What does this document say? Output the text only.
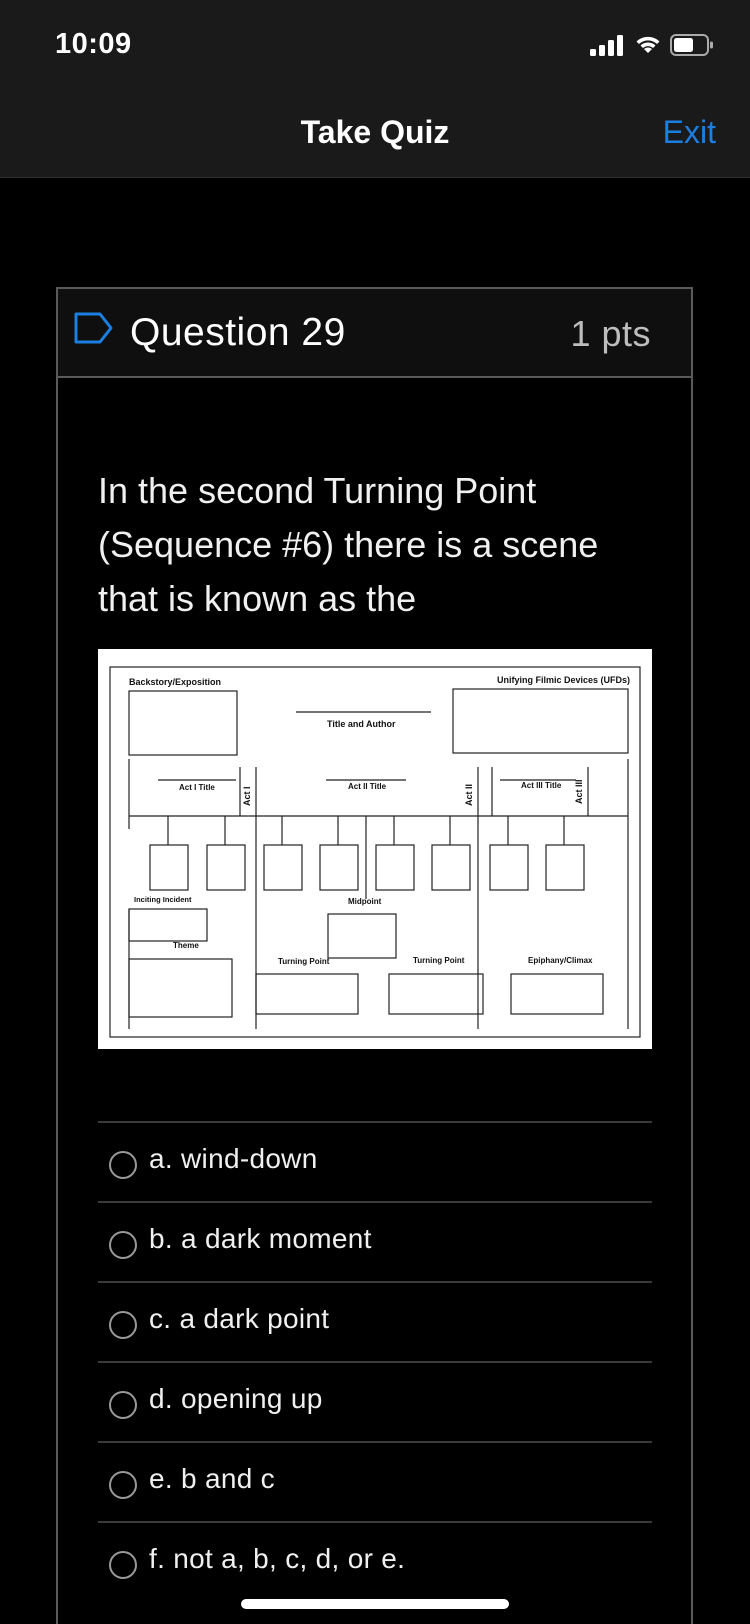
10:09
Take Quiz	Exit
Question 29	1 pts
In the second Turning Point (Sequence #6) there is a scene that is known as the
Backstory/Exposition	Unifying Filmic Devices (UFDs)
Title and Author
Act I Title	Act II Title	Act III Title
Act I	Act II	Act III
Inciting Incident	Midpoint
Theme
Turning Point	Turning Point	Epiphany/Climax
a. wind-down
b. a dark moment
c. a dark point
d. opening up
e. b and c
f. not a, b, c, d, or e.
